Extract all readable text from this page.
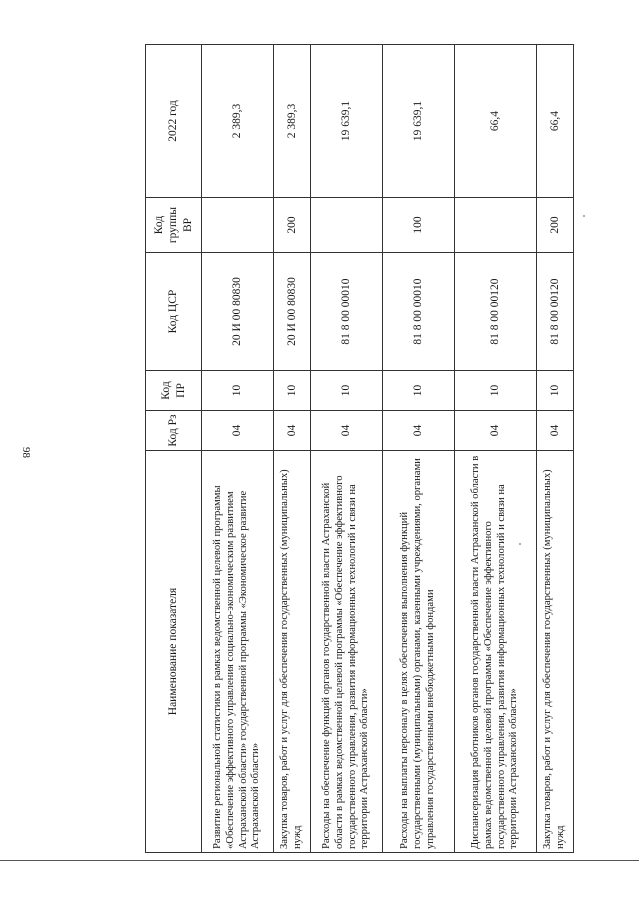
98
Наименование показателя	Код Рз	Код ПР	Код ЦСР	Код группы ВР	2022 год
Развитие региональной статистики в рамках ведомственной целевой программы «Обеспечение эффективного управления социально-экономическим развитием Астраханской области» государственной программы «Экономическое развитие Астраханской области»	04	10	20 И 00 80830		2 389,3
Закупка товаров, работ и услуг для обеспечения государственных (муниципальных) нужд	04	10	20 И 00 80830	200	2 389,3
Расходы на обеспечение функций органов государственной власти Астраханской области в рамках ведомственной целевой программы «Обеспечение эффективного государственного управления, развития информационных технологий и связи на территории Астраханской области»	04	10	81 8 00 00010		19 639,1
Расходы на выплаты персоналу в целях обеспечения выполнения функций государственными (муниципальными) органами, казенными учреждениями, органами управления государственными внебюджетными фондами	04	10	81 8 00 00010	100	19 639,1
Диспансеризация работников органов государственной власти Астраханской области в рамках ведомственной целевой программы «Обеспечение эффективного государственного управления, развития информационных технологий и связи на территории Астраханской области»	04	10	81 8 00 00120		66,4
Закупка товаров, работ и услуг для обеспечения государственных (муниципальных) нужд	04	10	81 8 00 00120	200	66,4
